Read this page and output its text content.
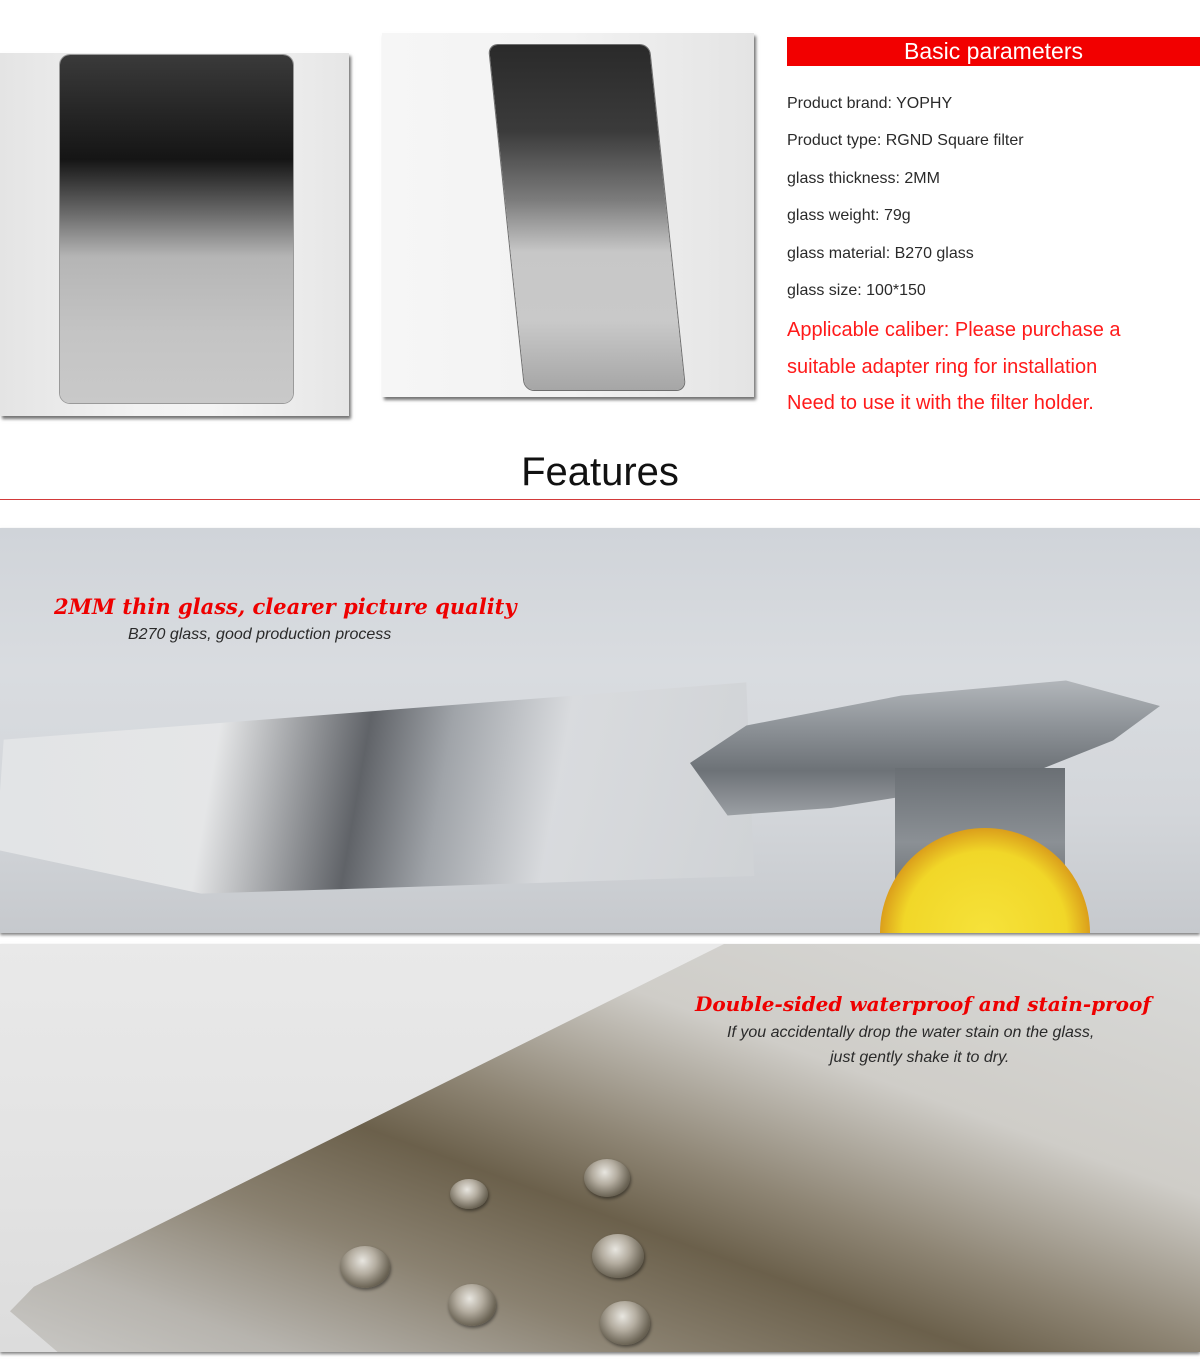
Basic parameters
Product brand: YOPHY
Product type: RGND Square filter
glass thickness: 2MM
glass weight: 79g
glass material: B270 glass
glass size: 100*150
Applicable caliber: Please purchase a
suitable adapter ring for installation
Need to use it with the filter holder.
Features
2MM thin glass, clearer picture quality
B270 glass, good production process
Double-sided waterproof and stain-proof
If you accidentally drop the water stain on the glass,
just gently shake it to dry.
